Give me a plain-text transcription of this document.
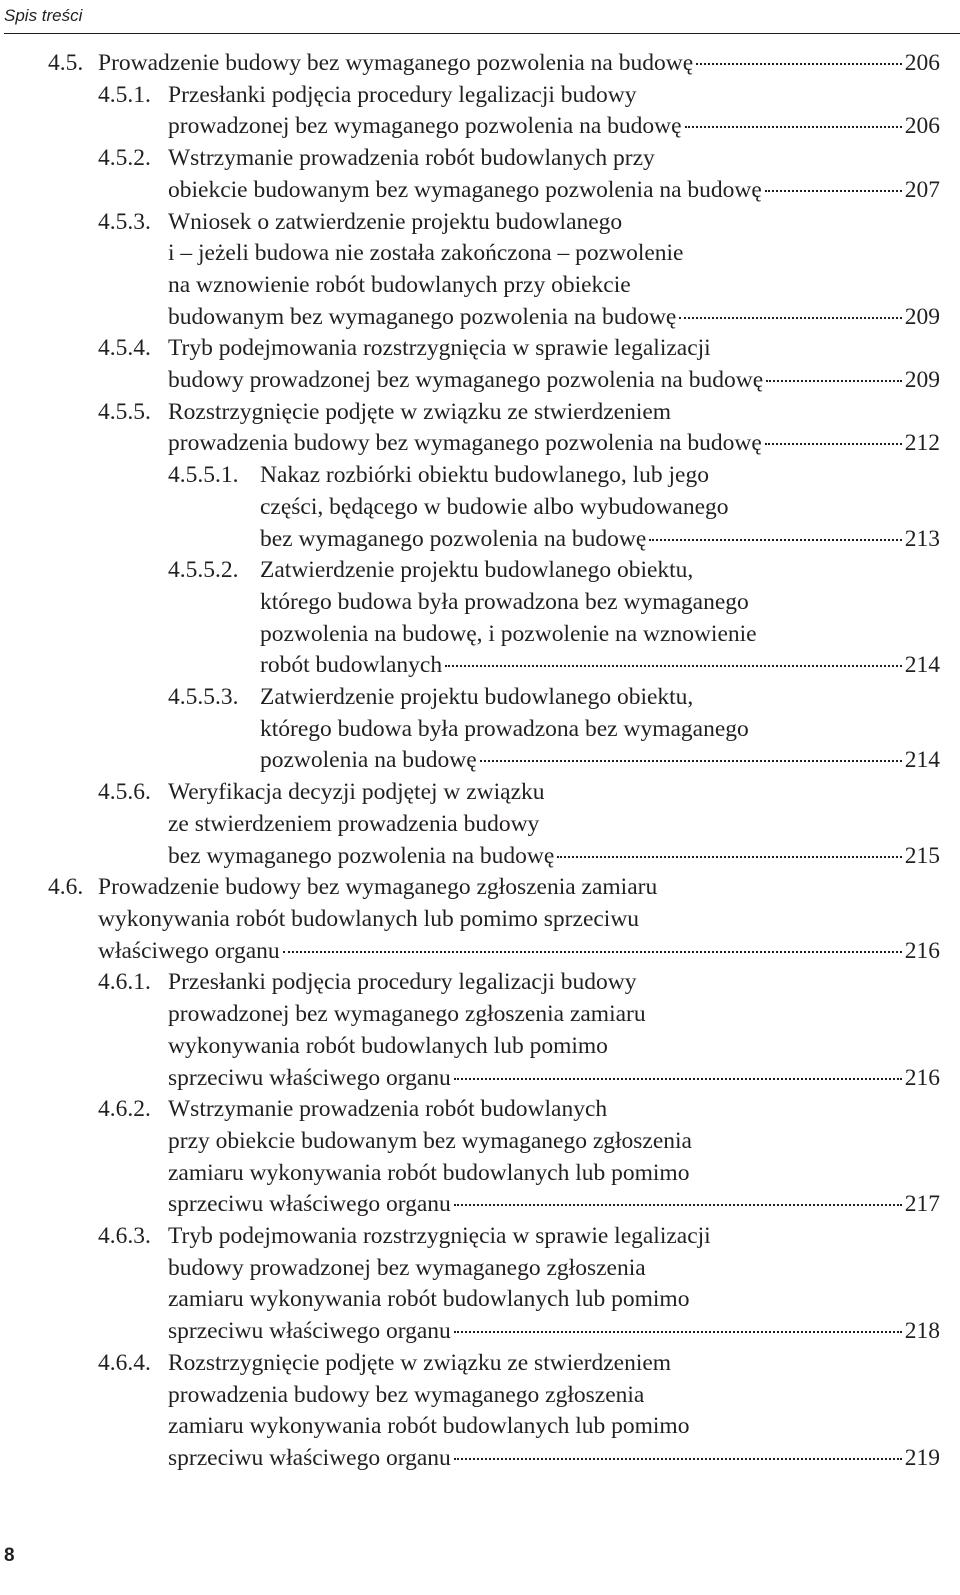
Spis treści
4.5. Prowadzenie budowy bez wymaganego pozwolenia na budowę	206
4.5.1. Przesłanki podjęcia procedury legalizacji budowy
prowadzonej bez wymaganego pozwolenia na budowę	206
4.5.2. Wstrzymanie prowadzenia robót budowlanych przy
obiekcie budowanym bez wymaganego pozwolenia na budowę	207
4.5.3. Wniosek o zatwierdzenie projektu budowlanego
i – jeżeli budowa nie została zakończona – pozwolenie
na wznowienie robót budowlanych przy obiekcie
budowanym bez wymaganego pozwolenia na budowę	209
4.5.4. Tryb podejmowania rozstrzygnięcia w sprawie legalizacji
budowy prowadzonej bez wymaganego pozwolenia na budowę	209
4.5.5. Rozstrzygnięcie podjęte w związku ze stwierdzeniem
prowadzenia budowy bez wymaganego pozwolenia na budowę	212
4.5.5.1. Nakaz rozbiórki obiektu budowlanego, lub jego
części, będącego w budowie albo wybudowanego
bez wymaganego pozwolenia na budowę	213
4.5.5.2. Zatwierdzenie projektu budowlanego obiektu,
którego budowa była prowadzona bez wymaganego
pozwolenia na budowę, i pozwolenie na wznowienie
robót budowlanych	214
4.5.5.3. Zatwierdzenie projektu budowlanego obiektu,
którego budowa była prowadzona bez wymaganego
pozwolenia na budowę	214
4.5.6. Weryfikacja decyzji podjętej w związku
ze stwierdzeniem prowadzenia budowy
bez wymaganego pozwolenia na budowę	215
4.6. Prowadzenie budowy bez wymaganego zgłoszenia zamiaru
wykonywania robót budowlanych lub pomimo sprzeciwu
właściwego organu	216
4.6.1. Przesłanki podjęcia procedury legalizacji budowy
prowadzonej bez wymaganego zgłoszenia zamiaru
wykonywania robót budowlanych lub pomimo
sprzeciwu właściwego organu	216
4.6.2. Wstrzymanie prowadzenia robót budowlanych
przy obiekcie budowanym bez wymaganego zgłoszenia
zamiaru wykonywania robót budowlanych lub pomimo
sprzeciwu właściwego organu	217
4.6.3. Tryb podejmowania rozstrzygnięcia w sprawie legalizacji
budowy prowadzonej bez wymaganego zgłoszenia
zamiaru wykonywania robót budowlanych lub pomimo
sprzeciwu właściwego organu	218
4.6.4. Rozstrzygnięcie podjęte w związku ze stwierdzeniem
prowadzenia budowy bez wymaganego zgłoszenia
zamiaru wykonywania robót budowlanych lub pomimo
sprzeciwu właściwego organu	219
8
